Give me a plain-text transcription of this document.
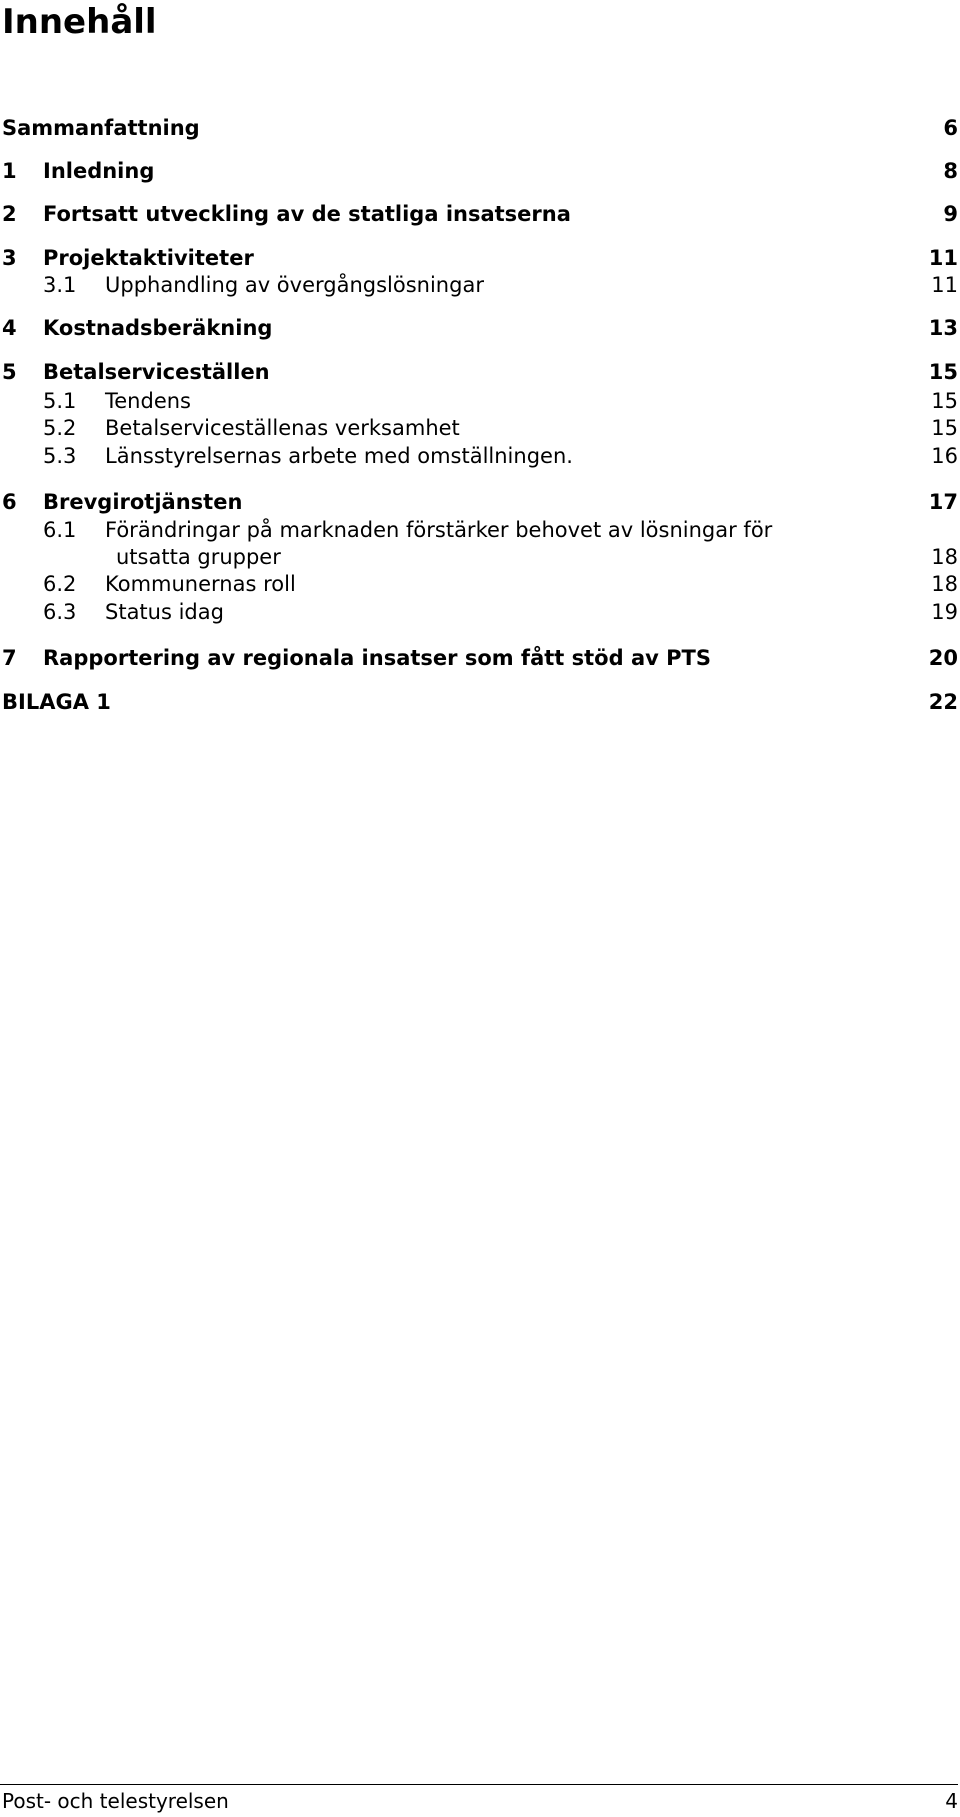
Innehåll
Sammanfattning	6
1 Inledning	8
2 Fortsatt utveckling av de statliga insatserna	9
3 Projektaktiviteter	11
3.1 Upphandling av övergångslösningar	11
4 Kostnadsberäkning	13
5 Betalserviceställen	15
5.1 Tendens	15
5.2 Betalserviceställenas verksamhet	15
5.3 Länsstyrelsernas arbete med omställningen.	16
6 Brevgirotjänsten	17
6.1 Förändringar på marknaden förstärker behovet av lösningar för
utsatta grupper	18
6.2 Kommunernas roll	18
6.3 Status idag	19
7 Rapportering av regionala insatser som fått stöd av PTS	20
BILAGA 1	22
Post- och telestyrelsen	4
